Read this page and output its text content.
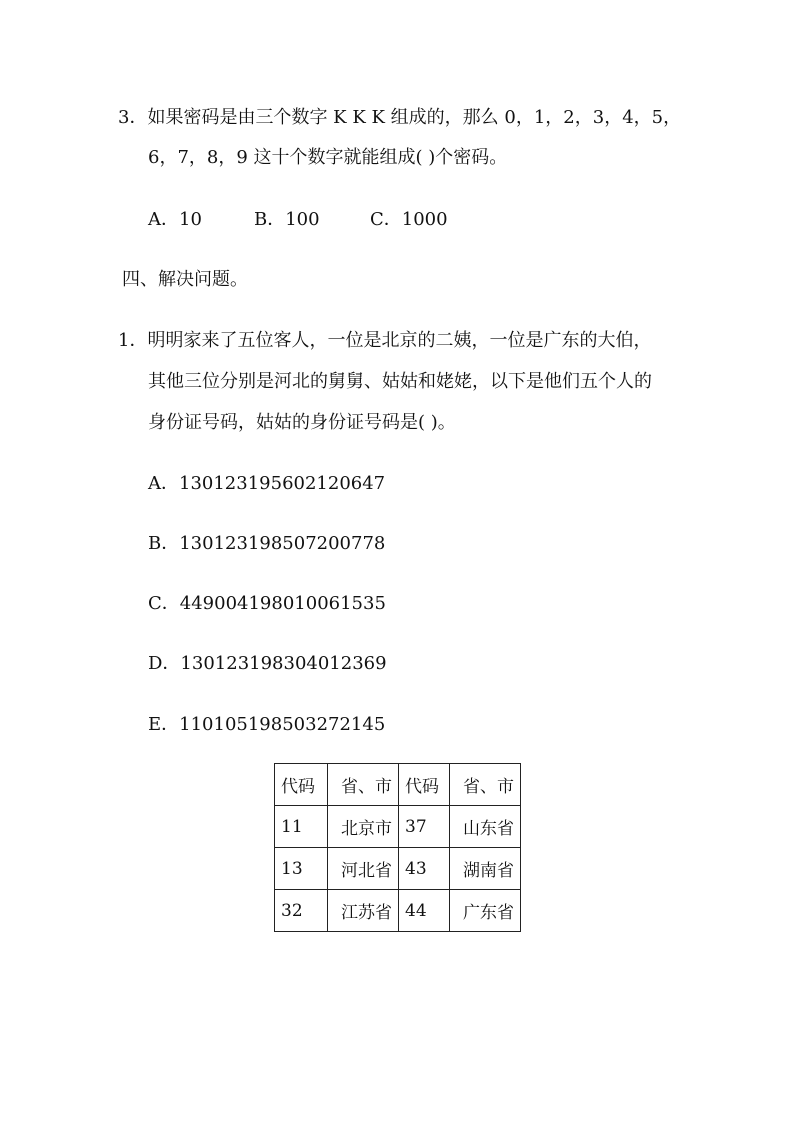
3．如果密码是由三个数字 K K K 组成的，那么 0，1，2，3，4，5，
6，7，8，9 这十个数字就能组成( )个密码。
A．10	B．100	C．1000
四、解决问题。
1．明明家来了五位客人，一位是北京的二姨，一位是广东的大伯，
其他三位分别是河北的舅舅、姑姑和姥姥，以下是他们五个人的
身份证号码，姑姑的身份证号码是( )。
A．130123195602120647
B．130123198507200778
C．449004198010061535
D．130123198304012369
E．110105198503272145
代码	省、市	代码	省、市
11	北京市	37	山东省
13	河北省	43	湖南省
32	江苏省	44	广东省
